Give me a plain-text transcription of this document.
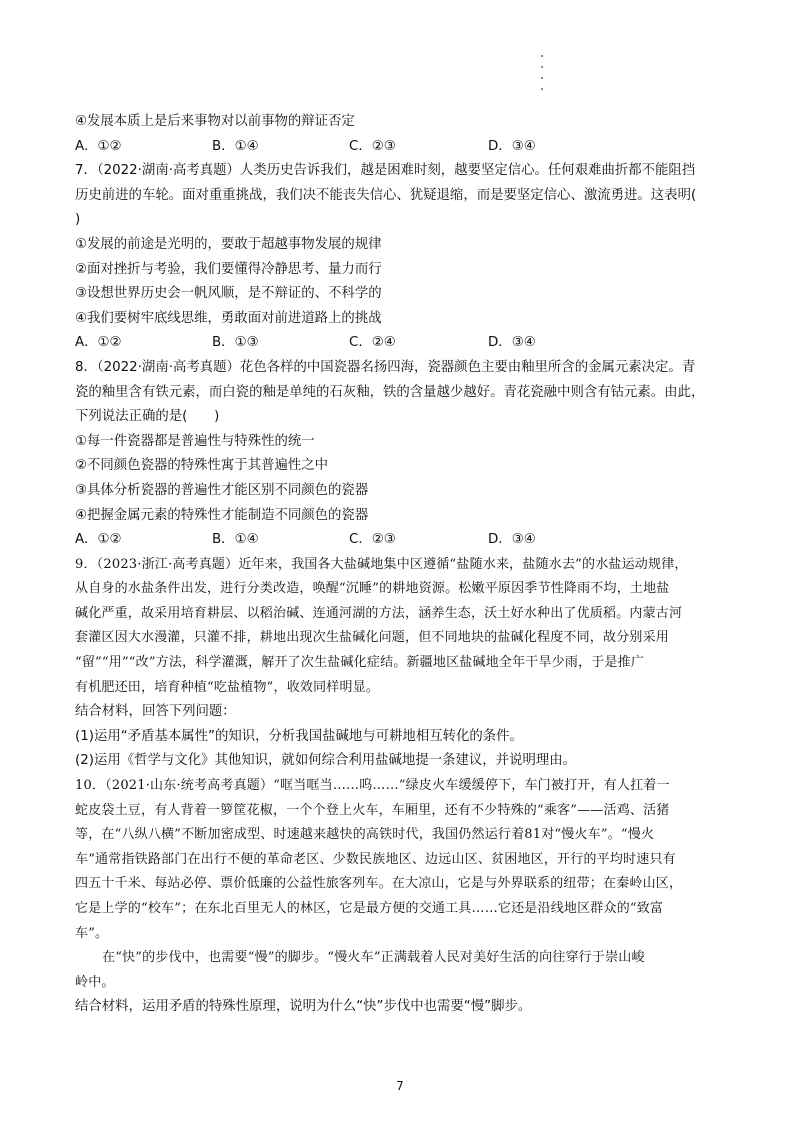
④发展本质上是后来事物对以前事物的辩证否定
A．①②	B．①④	C．②③	D．③④
7．（2022·湖南·高考真题）人类历史告诉我们，越是困难时刻，越要坚定信心。任何艰难曲折都不能阻挡
历史前进的车轮。面对重重挑战，我们决不能丧失信心、犹疑退缩，而是要坚定信心、激流勇进。这表明(
)
①发展的前途是光明的，要敢于超越事物发展的规律
②面对挫折与考验，我们要懂得冷静思考、量力而行
③设想世界历史会一帆风顺，是不辩证的、不科学的
④我们要树牢底线思维，勇敢面对前进道路上的挑战
A．①②	B．①③	C．②④	D．③④
8．（2022·湖南·高考真题）花色各样的中国瓷器名扬四海，瓷器颜色主要由釉里所含的金属元素决定。青
瓷的釉里含有铁元素，而白瓷的釉是单纯的石灰釉，铁的含量越少越好。青花瓷融中则含有钴元素。由此，
下列说法正确的是(　　)
①每一件瓷器都是普遍性与特殊性的统一
②不同颜色瓷器的特殊性寓于其普遍性之中
③具体分析瓷器的普遍性才能区别不同颜色的瓷器
④把握金属元素的特殊性才能制造不同颜色的瓷器
A．①②	B．①④	C．②③	D．③④
9．（2023·浙江·高考真题）近年来，我国各大盐碱地集中区遵循“盐随水来，盐随水去”的水盐运动规律，
从自身的水盐条件出发，进行分类改造，唤醒“沉睡”的耕地资源。松嫩平原因季节性降雨不均，土地盐
碱化严重，故采用培育耕层、以稻治碱、连通河湖的方法，涵养生态，沃土好水种出了优质稻。内蒙古河
套灌区因大水漫灌，只灌不排，耕地出现次生盐碱化问题，但不同地块的盐碱化程度不同，故分别采用
“留”“用”“改”方法，科学灌溉，解开了次生盐碱化症结。新疆地区盐碱地全年干旱少雨，于是推广
有机肥还田，培育种植“吃盐植物”，收效同样明显。
结合材料，回答下列问题：
(1)运用“矛盾基本属性”的知识，分析我国盐碱地与可耕地相互转化的条件。
(2)运用《哲学与文化》其他知识，就如何综合利用盐碱地提一条建议，并说明理由。
10．（2021·山东·统考高考真题）“哐当哐当……呜……”绿皮火车缓缓停下，车门被打开，有人扛着一
蛇皮袋土豆，有人背着一箩筐花椒，一个个登上火车，车厢里，还有不少特殊的“乘客”——活鸡、活猪
等，在“八纵八横”不断加密成型、时速越来越快的高铁时代，我国仍然运行着81对“慢火车”。“慢火
车”通常指铁路部门在出行不便的革命老区、少数民族地区、边远山区、贫困地区，开行的平均时速只有
四五十千米、每站必停、票价低廉的公益性旅客列车。在大凉山，它是与外界联系的纽带；在秦岭山区，
它是上学的“校车”；在东北百里无人的林区，它是最方便的交通工具……它还是沿线地区群众的“致富
车”。
在“快”的步伐中，也需要“慢”的脚步。“慢火车”正满载着人民对美好生活的向往穿行于崇山峻
岭中。
结合材料，运用矛盾的特殊性原理，说明为什么“快”步伐中也需要“慢”脚步。
7
